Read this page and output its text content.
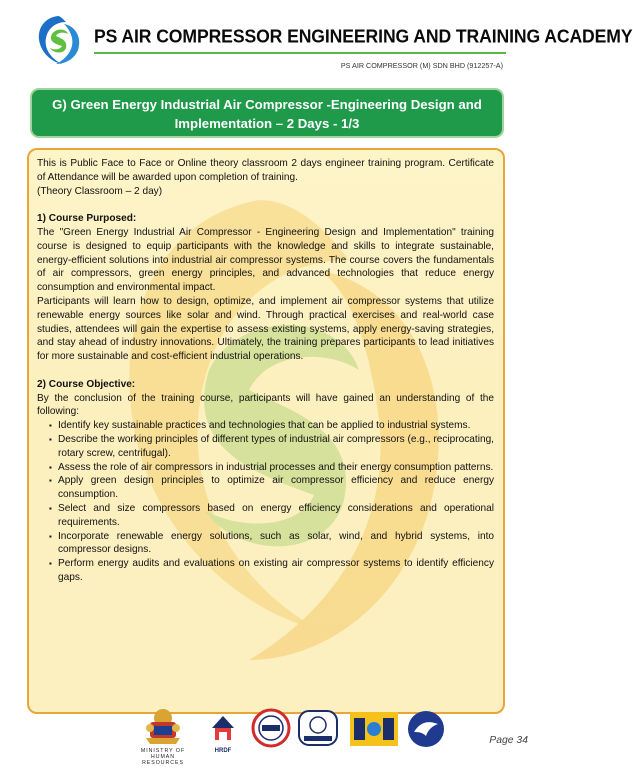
PS AIR COMPRESSOR ENGINEERING AND TRAINING ACADEMY
PS AIR COMPRESSOR (M) SDN BHD (912257-A)
G) Green Energy Industrial Air Compressor -Engineering Design and
Implementation – 2 Days - 1/3

This is Public Face to Face or Online theory classroom 2 days engineer training program. Certificate of Attendance will be awarded upon completion of training.

(Theory Classroom – 2 day)

1) Course Purposed:

The "Green Energy Industrial Air Compressor - Engineering Design and Implementation" training course is designed to equip participants with the knowledge and skills to integrate sustainable, energy-efficient solutions into industrial air compressor systems. The course covers the fundamentals of air compressors, green energy principles, and advanced technologies that reduce energy consumption and environmental impact.

Participants will learn how to design, optimize, and implement air compressor systems that utilize renewable energy sources like solar and wind. Through practical exercises and real-world case studies, attendees will gain the expertise to assess existing systems, apply energy-saving strategies, and stay ahead of industry innovations. Ultimately, the training prepares participants to lead initiatives for more sustainable and cost-efficient industrial operations.

2) Course Objective:

By the conclusion of the training course, participants will have gained an understanding of the following:

▪ Identify key sustainable practices and technologies that can be applied to industrial systems.
▪ Describe the working principles of different types of industrial air compressors (e.g., reciprocating, rotary screw, centrifugal).
▪ Assess the role of air compressors in industrial processes and their energy consumption patterns.
▪ Apply green design principles to optimize air compressor efficiency and reduce energy consumption.
▪ Select and size compressors based on energy efficiency considerations and operational requirements.
▪ Incorporate renewable energy solutions, such as solar, wind, and hybrid systems, into compressor designs.
▪ Perform energy audits and evaluations on existing air compressor systems to identify efficiency gaps.
MINISTRY OF HUMAN RESOURCES
HRDF
Page 34
